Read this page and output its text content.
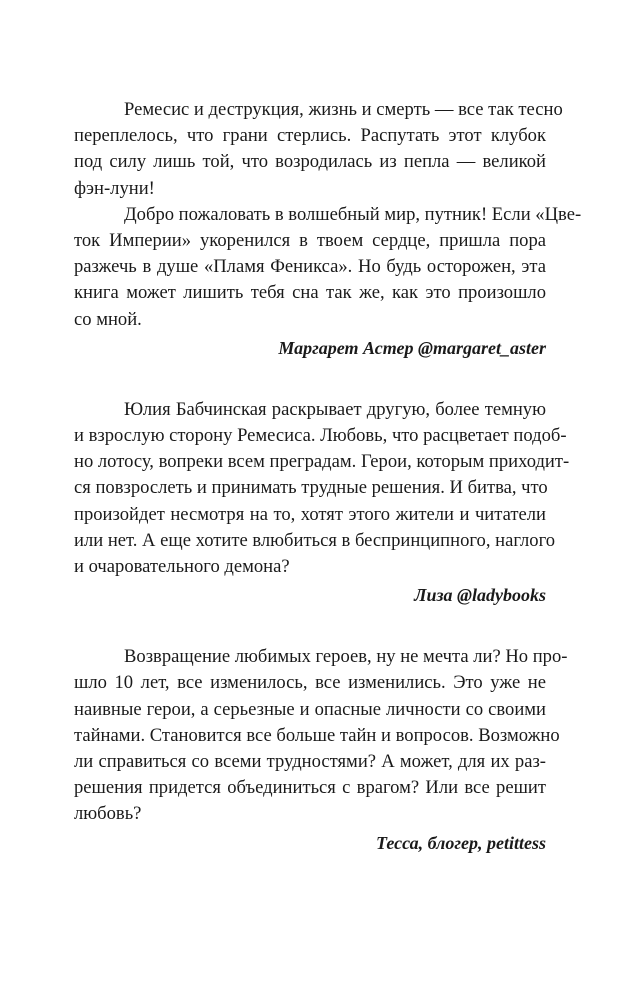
Ремесис и деструкция, жизнь и смерть — все так тесно
переплелось, что грани стерлись. Распутать этот клубок
под силу лишь той, что возродилась из пепла — великой
фэн-луни!
Добро пожаловать в волшебный мир, путник! Если «Цве-
ток Империи» укоренился в твоем сердце, пришла пора
разжечь в душе «Пламя Феникса». Но будь осторожен, эта
книга может лишить тебя сна так же, как это произошло
со мной.
Маргарет Астер @margaret_aster
Юлия Бабчинская раскрывает другую, более темную
и взрослую сторону Ремесиса. Любовь, что расцветает подоб-
но лотосу, вопреки всем преградам. Герои, которым приходит-
ся повзрослеть и принимать трудные решения. И битва, что
произойдет несмотря на то, хотят этого жители и читатели
или нет. А еще хотите влюбиться в беспринципного, наглого
и очаровательного демона?
Лиза @ladybooks
Возвращение любимых героев, ну не мечта ли? Но про-
шло 10 лет, все изменилось, все изменились. Это уже не
наивные герои, а серьезные и опасные личности со своими
тайнами. Становится все больше тайн и вопросов. Возможно
ли справиться со всеми трудностями? А может, для их раз-
решения придется объединиться с врагом? Или все решит
любовь?
Тесса, блогер, petittess
